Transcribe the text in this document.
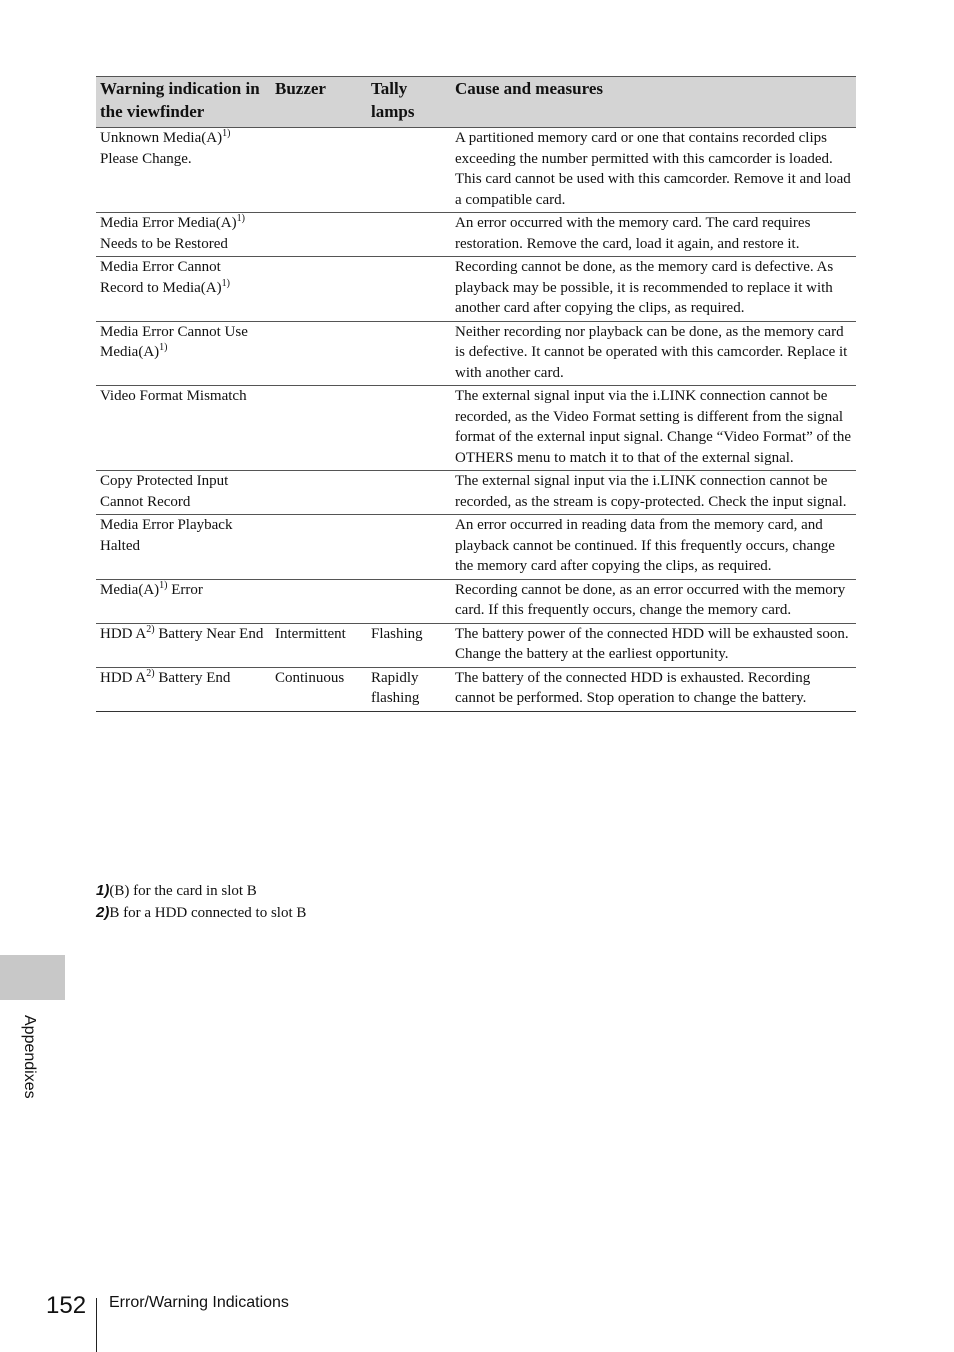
Warning indication in the viewfinder	Buzzer	Tally lamps	Cause and measures
Unknown $Media(A)^{1)}$ Please Change.			A partitioned memory card or one that contains recorded clips exceeding the number permitted with this camcorder is loaded. This card cannot be used with this camcorder. Remove it and load a compatible card.
Media Error $Media(A)^{1)}$ Needs to be Restored			An error occurred with the memory card. The card requires restoration. Remove the card, load it again, and restore it.
Media Error Cannot Record to $Media(A)^{1)}$			Recording cannot be done, as the memory card is defective. As playback may be possible, it is recommended to replace it with another card after copying the clips, as required.
Media Error Cannot Use $Media(A)^{1)}$			Neither recording nor playback can be done, as the memory card is defective. It cannot be operated with this camcorder. Replace it with another card.
Video Format Mismatch			The external signal input via the i.LINK connection cannot be recorded, as the Video Format setting is different from the signal format of the external input signal. Change “Video Format” of the OTHERS menu to match it to that of the external signal.
Copy Protected Input Cannot Record			The external signal input via the i.LINK connection cannot be recorded, as the stream is copy-protected. Check the input signal.
Media Error Playback Halted			An error occurred in reading data from the memory card, and playback cannot be continued. If this frequently occurs, change the memory card after copying the clips, as required.
$Media(A)^{1)}$ Error			Recording cannot be done, as an error occurred with the memory card. If this frequently occurs, change the memory card.
HDD $A^{2)}$ Battery Near End	Intermittent	Flashing	The battery power of the connected HDD will be exhausted soon. Change the battery at the earliest opportunity.
HDD $A^{2)}$ Battery End	Continuous	Rapidly flashing	The battery of the connected HDD is exhausted. Recording cannot be performed. Stop operation to change the battery.
1)(B) for the card in slot B
2)B for a HDD connected to slot B
Appendixes
152 Error/Warning Indications
